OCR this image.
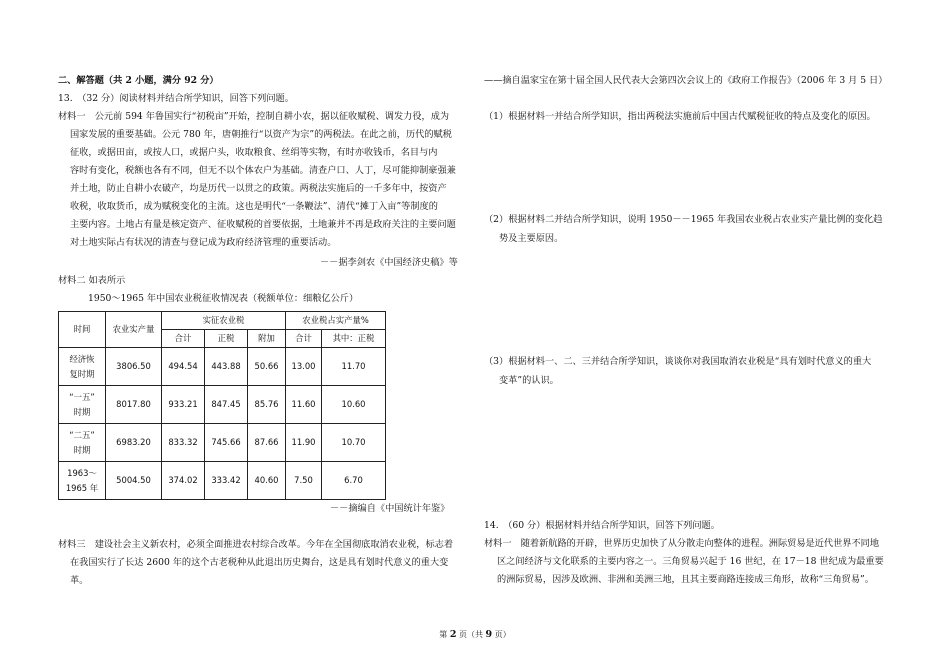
二、解答题（共 2 小题，满分 92 分）
13.　（32 分）阅读材料并结合所学知识，回答下列问题。
材料一　公元前 594 年鲁国实行“初税亩”开始，控制自耕小农，据以征收赋税、调发力役，成为
国家发展的重要基础。公元 780 年，唐朝推行“以资产为宗”的两税法。在此之前，历代的赋税
征收，或据田亩，或按人口，或据户头，收取粮食、丝绢等实物，有时亦收钱币，名目与内
容时有变化，税额也各有不同，但无不以个体农户为基础。清查户口、人丁，尽可能抑制豪强兼
并土地，防止自耕小农破产，均是历代一以贯之的政策。两税法实施后的一千多年中，按资产
收税，收取货币，成为赋税变化的主流。这也是明代“一条鞭法”、清代“摊丁入亩”等制度的
主要内容。土地占有量是核定资产、征收赋税的首要依据，土地兼并不再是政府关注的主要问题
对土地实际占有状况的清查与登记成为政府经济管理的重要活动。
－－据李剑农《中国经济史稿》等
材料二 如表所示
1950～1965 年中国农业税征收情况表（税额单位：细粮亿公斤）
时间	农业实产量	实征农业税			农业税占实产量%	
		合计	正税	附加	合计	其中：正税
经济恢
复时期	3806.50	494.54	443.88	50.66	13.00	11.70
“一五”
时期	8017.80	933.21	847.45	85.76	11.60	10.60
“二五”
时期	6983.20	833.32	745.66	87.66	11.90	10.70
1963～
1965 年	5004.50	374.02	333.42	40.60	7.50	6.70
－－摘编自《中国统计年鉴》
材料三　建设社会主义新农村，必须全面推进农村综合改革。今年在全国彻底取消农业税，标志着
在我国实行了长达 2600 年的这个古老税种从此退出历史舞台，这是具有划时代意义的重大变
革。
——摘自温家宝在第十届全国人民代表大会第四次会议上的《政府工作报告》（2006 年 3 月 5 日）
（1）根据材料一并结合所学知识，指出两税法实施前后中国古代赋税征收的特点及变化的原因。
（2）根据材料二并结合所学知识，说明 1950－－1965 年我国农业税占农业实产量比例的变化趋
势及主要原因。
（3）根据材料一、二、三并结合所学知识，谈谈你对我国取消农业税是“具有划时代意义的重大
变革”的认识。
14.　（60 分）根据材料并结合所学知识，回答下列问题。
材料一　随着新航路的开辟，世界历史加快了从分散走向整体的进程。洲际贸易是近代世界不同地
区之间经济与文化联系的主要内容之一。三角贸易兴起于 16 世纪，在 17－18 世纪成为最重要
的洲际贸易，因涉及欧洲、非洲和美洲三地，且其主要商路连接成三角形，故称“三角贸易”。
第 2 页（共 9 页）
